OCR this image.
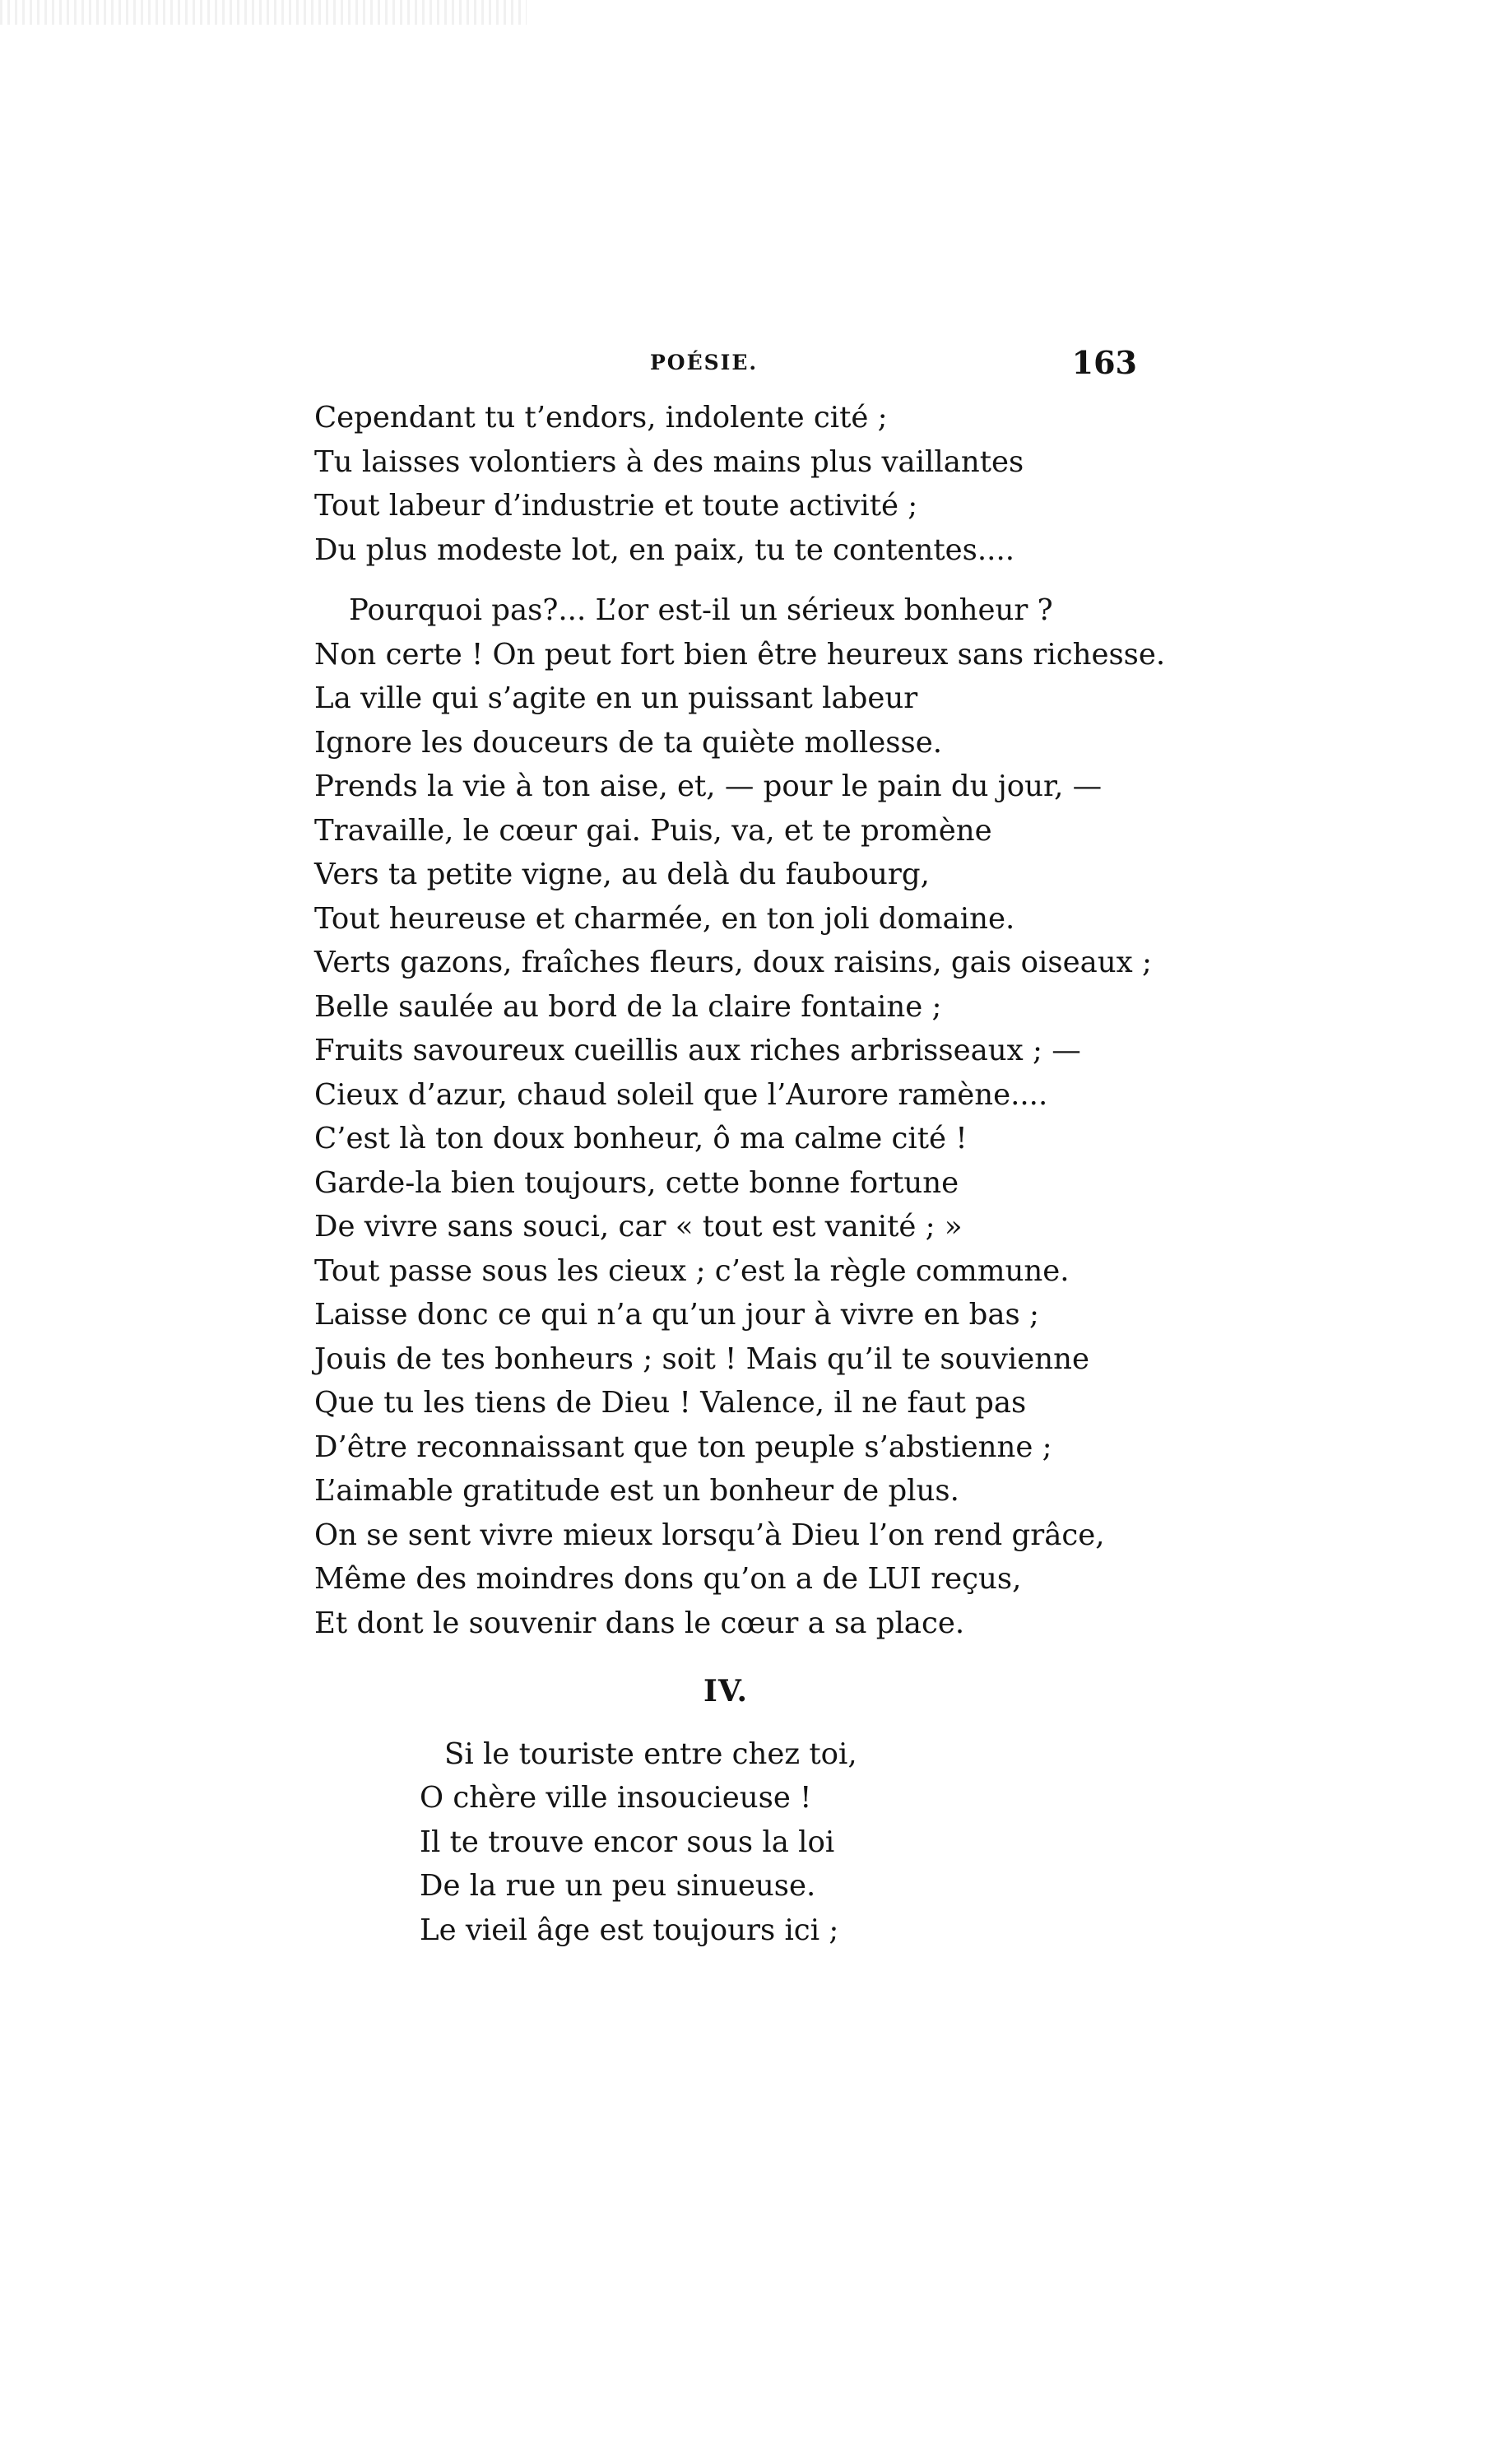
POÉSIE.	163
Cependant tu t’endors, indolente cité ;
Tu laisses volontiers à des mains plus vaillantes
Tout labeur d’industrie et toute activité ;
Du plus modeste lot, en paix, tu te contentes....
Pourquoi pas?... L’or est-il un sérieux bonheur ?
Non certe ! On peut fort bien être heureux sans richesse.
La ville qui s’agite en un puissant labeur
Ignore les douceurs de ta quiète mollesse.
Prends la vie à ton aise, et, — pour le pain du jour, —
Travaille, le cœur gai. Puis, va, et te promène
Vers ta petite vigne, au delà du faubourg,
Tout heureuse et charmée, en ton joli domaine.
Verts gazons, fraîches fleurs, doux raisins, gais oiseaux ;
Belle saulée au bord de la claire fontaine ;
Fruits savoureux cueillis aux riches arbrisseaux ; —
Cieux d’azur, chaud soleil que l’Aurore ramène....
C’est là ton doux bonheur, ô ma calme cité !
Garde-la bien toujours, cette bonne fortune
De vivre sans souci, car « tout est vanité ; »
Tout passe sous les cieux ; c’est la règle commune.
Laisse donc ce qui n’a qu’un jour à vivre en bas ;
Jouis de tes bonheurs ; soit ! Mais qu’il te souvienne
Que tu les tiens de Dieu ! Valence, il ne faut pas
D’être reconnaissant que ton peuple s’abstienne ;
L’aimable gratitude est un bonheur de plus.
On se sent vivre mieux lorsqu’à Dieu l’on rend grâce,
Même des moindres dons qu’on a de LUI reçus,
Et dont le souvenir dans le cœur a sa place.
IV.
Si le touriste entre chez toi,
O chère ville insoucieuse !
Il te trouve encor sous la loi
De la rue un peu sinueuse.
Le vieil âge est toujours ici ;
